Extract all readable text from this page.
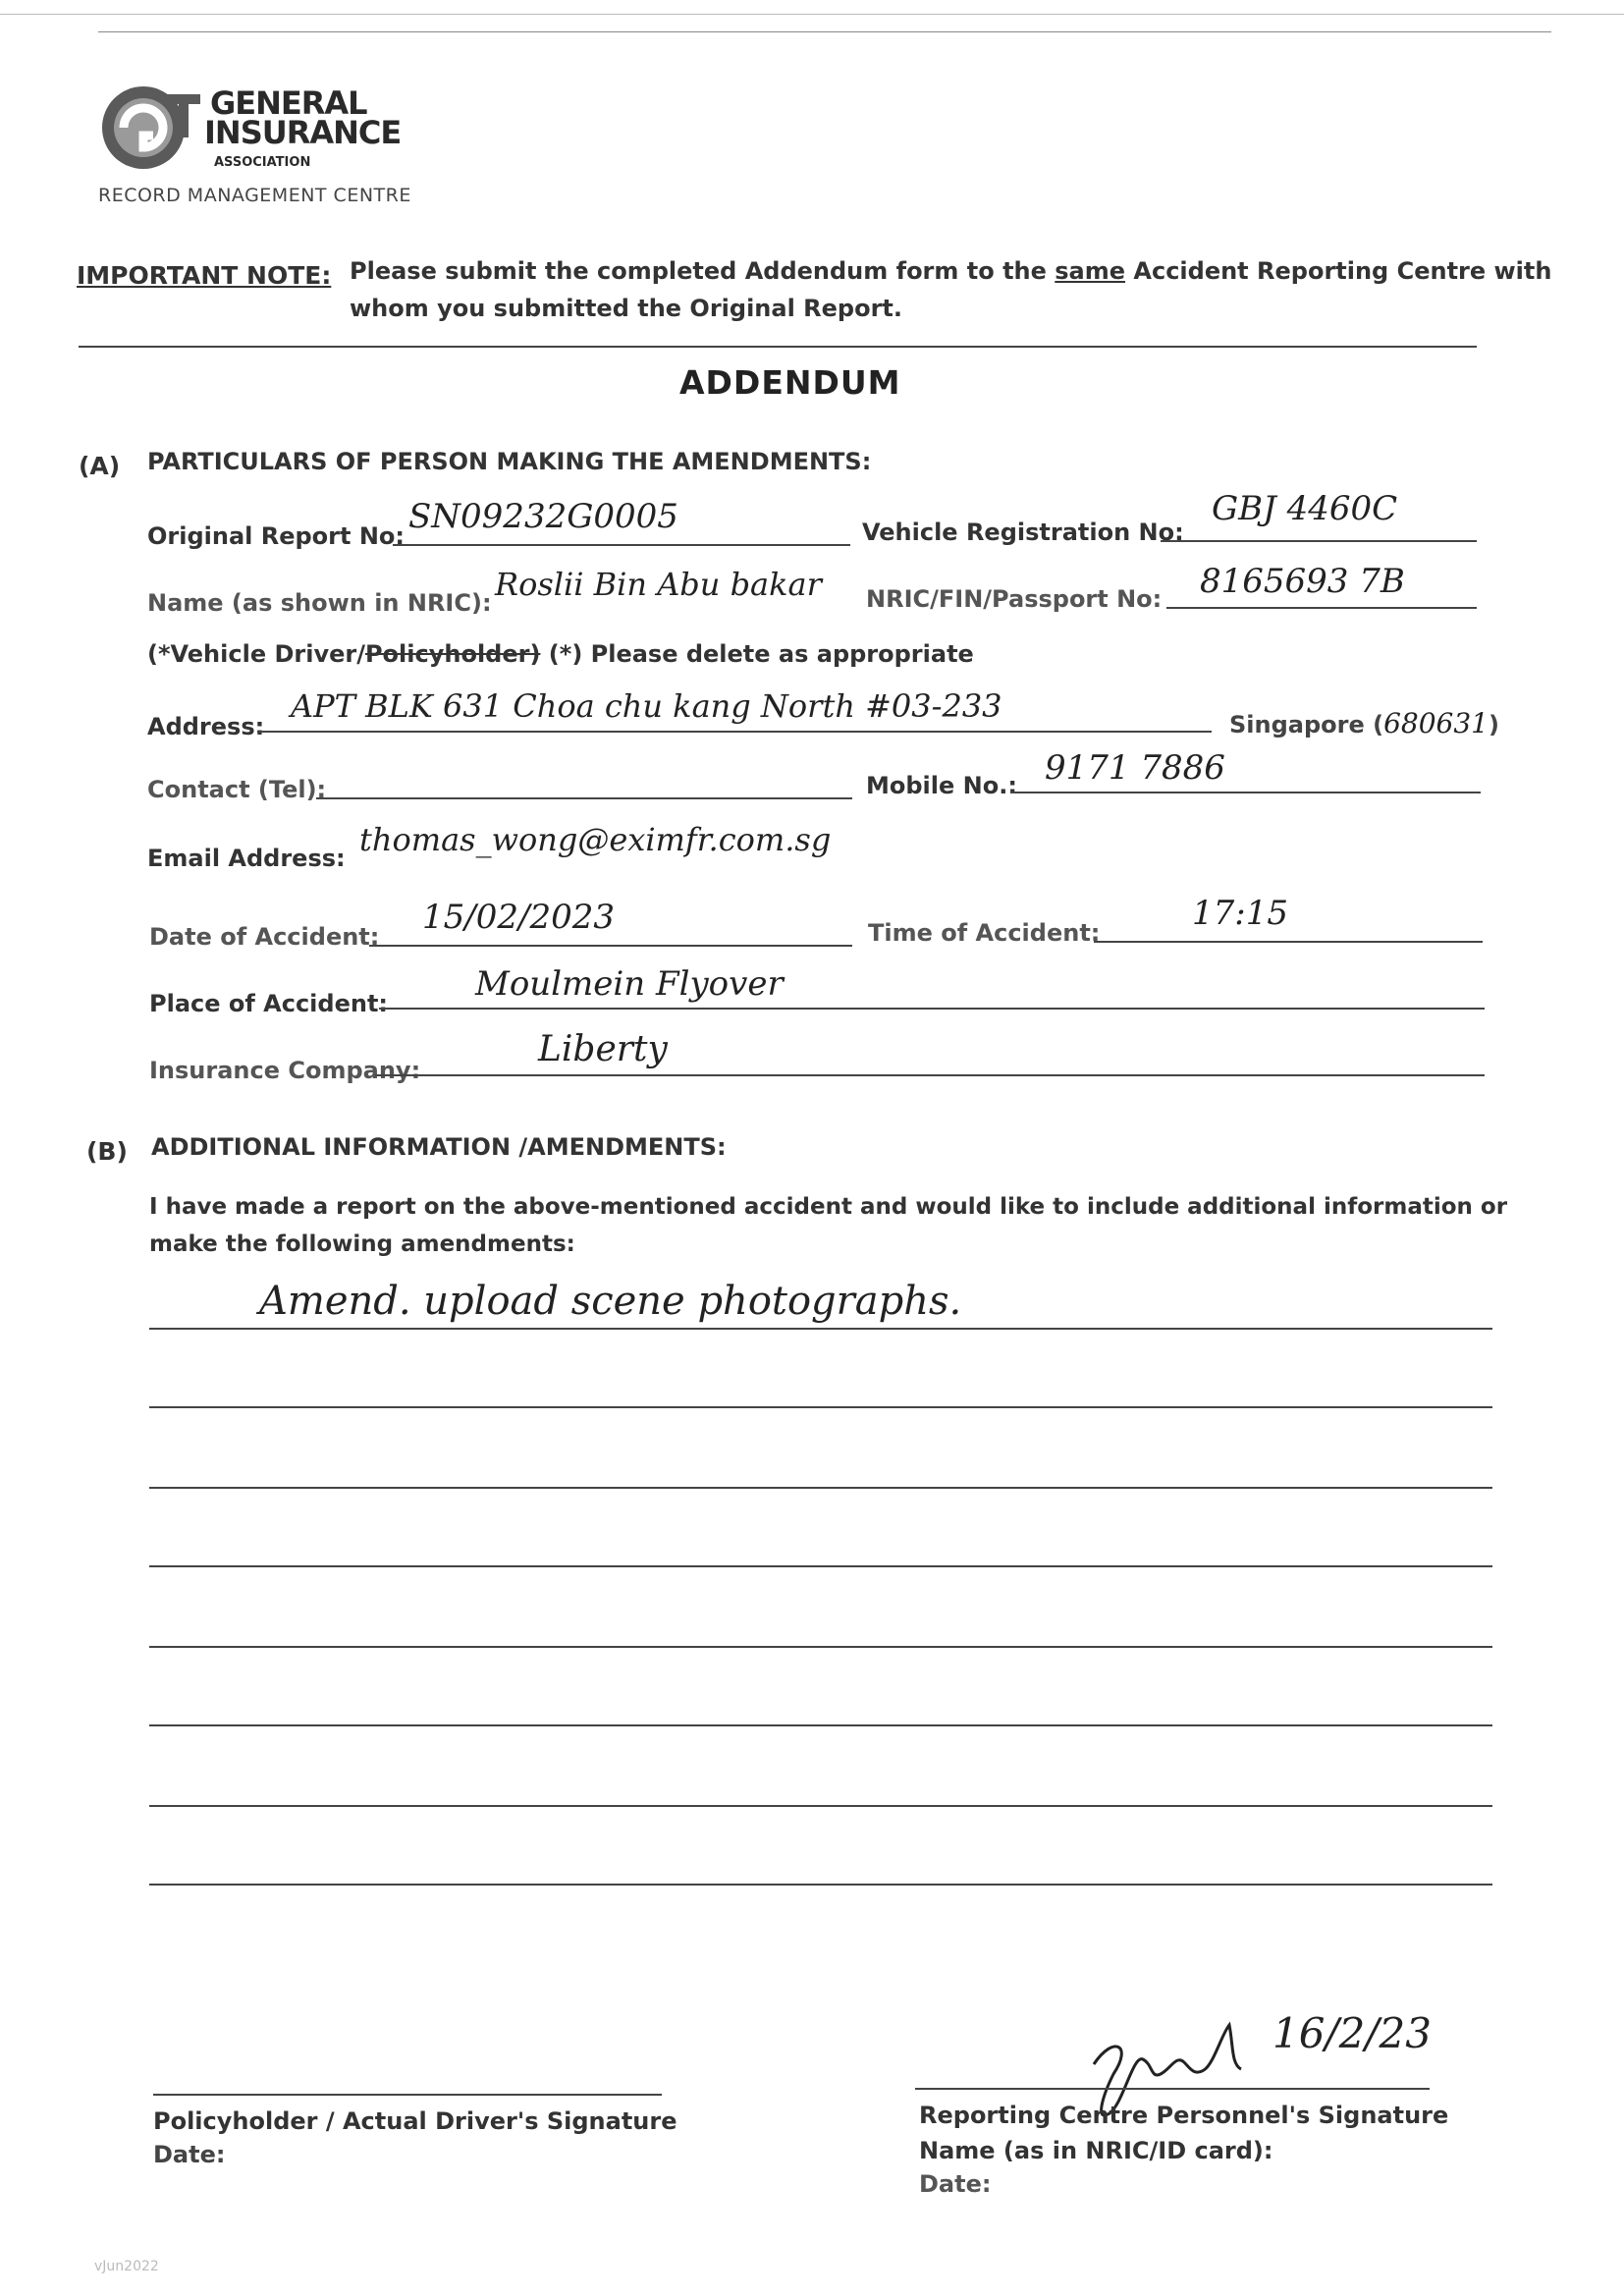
GENERAL
INSURANCE
ASSOCIATION
RECORD MANAGEMENT CENTRE
IMPORTANT NOTE: Please submit the completed Addendum form to the same Accident Reporting Centre with
whom you submitted the Original Report.
ADDENDUM
(A) PARTICULARS OF PERSON MAKING THE AMENDMENTS:
Original Report No: SN09232G0005	Vehicle Registration No:
GBJ 4460C
Name (as shown in NRIC): Roslii Bin Abu bakar NRIC/FIN/Passport No: 8165693 7B
(*Vehicle Driver/Policyholder) (*) Please delete as appropriate
Address:
APT BLK 631 Choa chu kang North #03-233	Singapore (680631)
Contact (Tel):	Mobile No.: 9171 7886
Email Address: thomas_wong@eximfr.com.sg
Date of Accident: 15/02/2023	Time of Accident:	17:15
Place of Accident:	Moulmein Flyover
Insurance Company:
Liberty
(B) ADDITIONAL INFORMATION /AMENDMENTS:
I have made a report on the above-mentioned accident and would like to include additional information or
make the following amendments:
Amend. upload scene photographs.
Policyholder / Actual Driver's Signature
Date:
16/2/23
Reporting Centre Personnel's Signature
Name (as in NRIC/ID card):
Date:
vJun2022
